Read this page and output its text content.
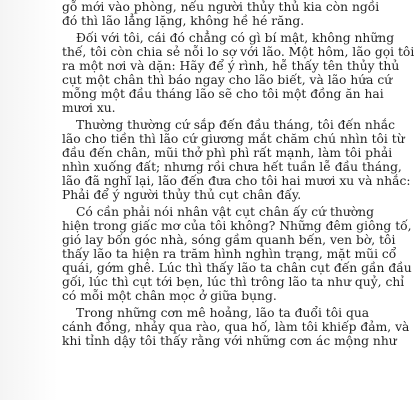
gỗ mới vào phòng, nếu người thủy thủ kia còn ngồi
đó thì lão lẳng lặng, không hề hé răng.
Đối với tôi, cái đó chẳng có gì bí mật, không những
thế, tôi còn chia sẻ nỗi lo sợ với lão. Một hôm, lão gọi tôi
ra một nơi và dặn: Hãy để ý rình, hễ thấy tên thủy thủ
cụt một chân thì báo ngay cho lão biết, và lão hứa cứ
mỗng một đầu tháng lão sẽ cho tôi một đồng ăn hai
mươi xu.
Thường thường cứ sắp đến đầu tháng, tôi đến nhắc
lão cho tiền thì lão cứ giương mắt chăm chú nhìn tôi từ
đầu đến chân, mũi thở phì phì rất mạnh, làm tôi phải
nhìn xuống đất; nhưng rồi chưa hết tuần lễ đầu tháng,
lão đã nghĩ lại, lão đến đưa cho tôi hai mươi xu và nhắc:
Phải để ý người thủy thủ cụt chân đấy.
Có cần phải nói nhân vật cụt chân ấy cứ thường
hiện trong giấc mơ của tôi không? Những đêm giông tố,
gió lay bốn góc nhà, sóng gầm quanh bến, ven bờ, tôi
thấy lão ta hiện ra trăm hình nghìn trạng, mặt mũi cổ
quái, gớm ghê. Lúc thì thấy lão ta chân cụt đến gần đầu
gối, lúc thì cụt tới bẹn, lúc thì trông lão ta như quỷ, chỉ
có mỗi một chân mọc ở giữa bụng.
Trong những cơn mê hoảng, lão ta đuổi tôi qua
cánh đồng, nhảy qua rào, qua hố, làm tôi khiếp đảm, và
khi tỉnh dậy tôi thấy rằng với những cơn ác mộng như
